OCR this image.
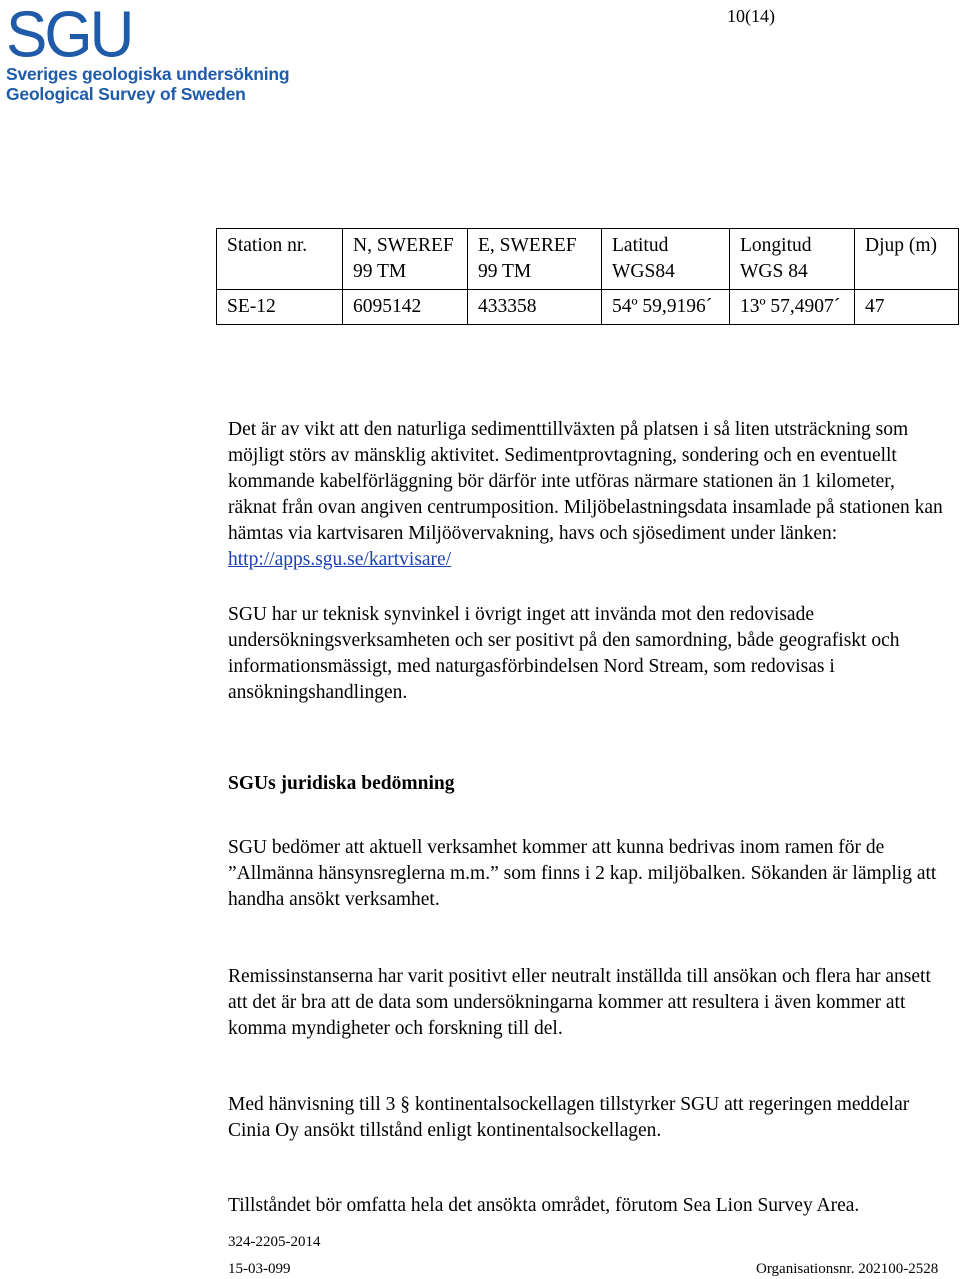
10(14)
SGU
Sveriges geologiska undersökning
Geological Survey of Sweden
Station nr.	N, SWEREF 99 TM	E, SWEREF 99 TM	Latitud WGS84	Longitud WGS 84	Djup (m)
SE-12	6095142	433358	54º 59,9196´	13º 57,4907´	47
Det är av vikt att den naturliga sedimenttillväxten på platsen i så liten utsträckning som möjligt störs av mänsklig aktivitet. Sedimentprovtagning, sondering och en eventuellt kommande kabelförläggning bör därför inte utföras närmare stationen än 1 kilometer, räknat från ovan angiven centrumposition. Miljöbelastningsdata insamlade på stationen kan hämtas via kartvisaren Miljöövervakning, havs och sjösediment under länken: http://apps.sgu.se/kartvisare/
SGU har ur teknisk synvinkel i övrigt inget att invända mot den redovisade undersökningsverksamheten och ser positivt på den samordning, både geografiskt och informationsmässigt, med naturgasförbindelsen Nord Stream, som redovisas i ansökningshandlingen.
SGUs juridiska bedömning
SGU bedömer att aktuell verksamhet kommer att kunna bedrivas inom ramen för de ”Allmänna hänsynsreglerna m.m.” som finns i 2 kap. miljöbalken. Sökanden är lämplig att handha ansökt verksamhet.
Remissinstanserna har varit positivt eller neutralt inställda till ansökan och flera har ansett att det är bra att de data som undersökningarna kommer att resultera i även kommer att komma myndigheter och forskning till del.
Med hänvisning till 3 § kontinentalsockellagen tillstyrker SGU att regeringen meddelar Cinia Oy ansökt tillstånd enligt kontinentalsockellagen.
Tillståndet bör omfatta hela det ansökta området, förutom Sea Lion Survey Area.
324-2205-2014
15-03-099	Organisationsnr. 202100-2528
